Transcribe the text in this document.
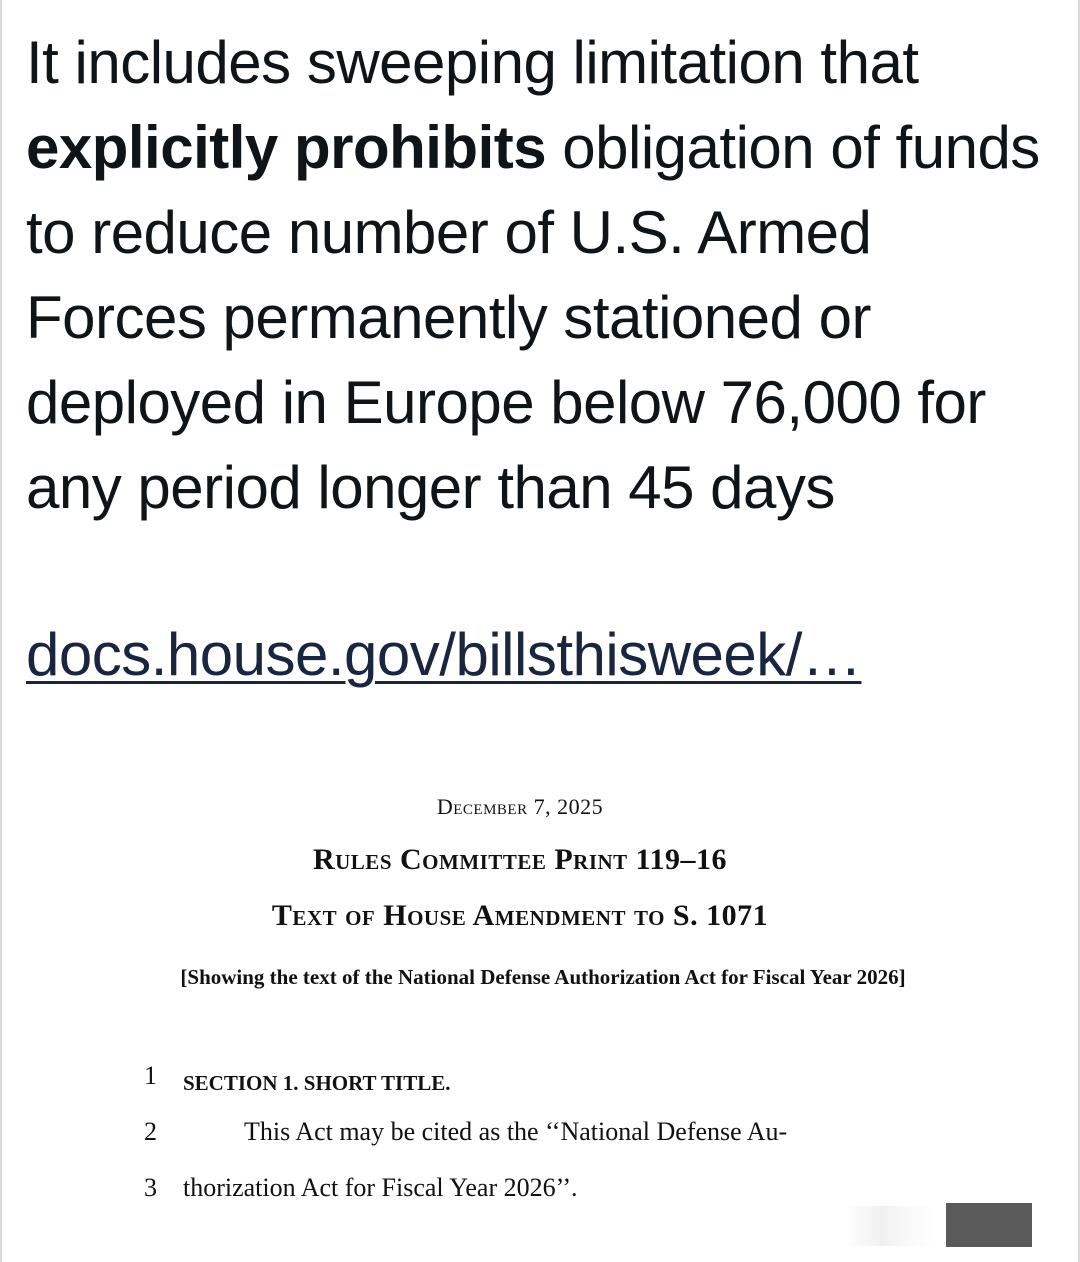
It includes sweeping limitation that explicitly prohibits obligation of funds to reduce number of U.S. Armed Forces permanently stationed or deployed in Europe below 76,000 for any period longer than 45 days
docs.house.gov/billsthisweek/…
December 7, 2025
Rules Committee Print 119–16
Text of House Amendment to S. 1071
[Showing the text of the National Defense Authorization Act for Fiscal Year 2026]
1	$_{SECTION 1. SHORT TITLE.}$
2	This Act may be cited as the ‘‘National Defense Au-
3 thorization Act for Fiscal Year 2026’’.
